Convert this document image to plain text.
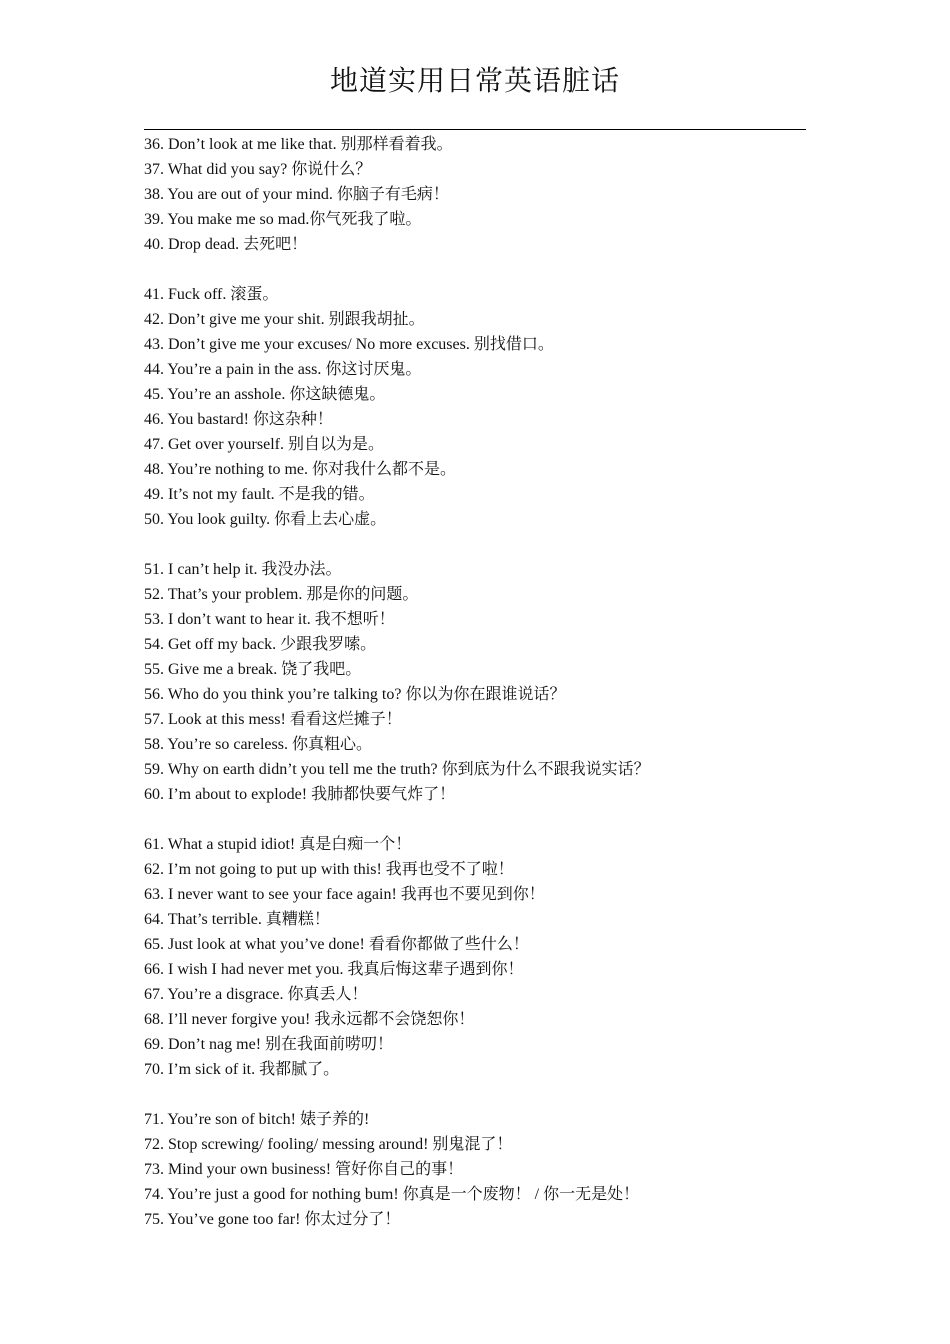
地道实用日常英语脏话
36. Don’t look at me like that. 别那样看着我。
37. What did you say? 你说什么？
38. You are out of your mind. 你脑子有毛病！
39. You make me so mad.你气死我了啦。
40. Drop dead. 去死吧！
41. Fuck off. 滚蛋。
42. Don’t give me your shit. 别跟我胡扯。
43. Don’t give me your excuses/ No more excuses. 别找借口。
44. You’re a pain in the ass. 你这讨厌鬼。
45. You’re an asshole. 你这缺德鬼。
46. You bastard! 你这杂种！
47. Get over yourself. 别自以为是。
48. You’re nothing to me. 你对我什么都不是。
49. It’s not my fault. 不是我的错。
50. You look guilty. 你看上去心虚。
51. I can’t help it. 我没办法。
52. That’s your problem. 那是你的问题。
53. I don’t want to hear it. 我不想听！
54. Get off my back. 少跟我罗嗦。
55. Give me a break. 饶了我吧。
56. Who do you think you’re talking to? 你以为你在跟谁说话？
57. Look at this mess! 看看这烂摊子！
58. You’re so careless. 你真粗心。
59. Why on earth didn’t you tell me the truth? 你到底为什么不跟我说实话？
60. I’m about to explode! 我肺都快要气炸了！
61. What a stupid idiot! 真是白痴一个！
62. I’m not going to put up with this! 我再也受不了啦！
63. I never want to see your face again! 我再也不要见到你！
64. That’s terrible. 真糟糕！
65. Just look at what you’ve done! 看看你都做了些什么！
66. I wish I had never met you. 我真后悔这辈子遇到你！
67. You’re a disgrace. 你真丢人！
68. I’ll never forgive you! 我永远都不会饶恕你！
69. Don’t nag me! 别在我面前唠叨！
70. I’m sick of it. 我都腻了。
71. You’re son of bitch! 婊子养的!
72. Stop screwing/ fooling/ messing around! 别鬼混了！
73. Mind your own business! 管好你自己的事！
74. You’re just a good for nothing bum! 你真是一个废物！ / 你一无是处！
75. You’ve gone too far! 你太过分了！
